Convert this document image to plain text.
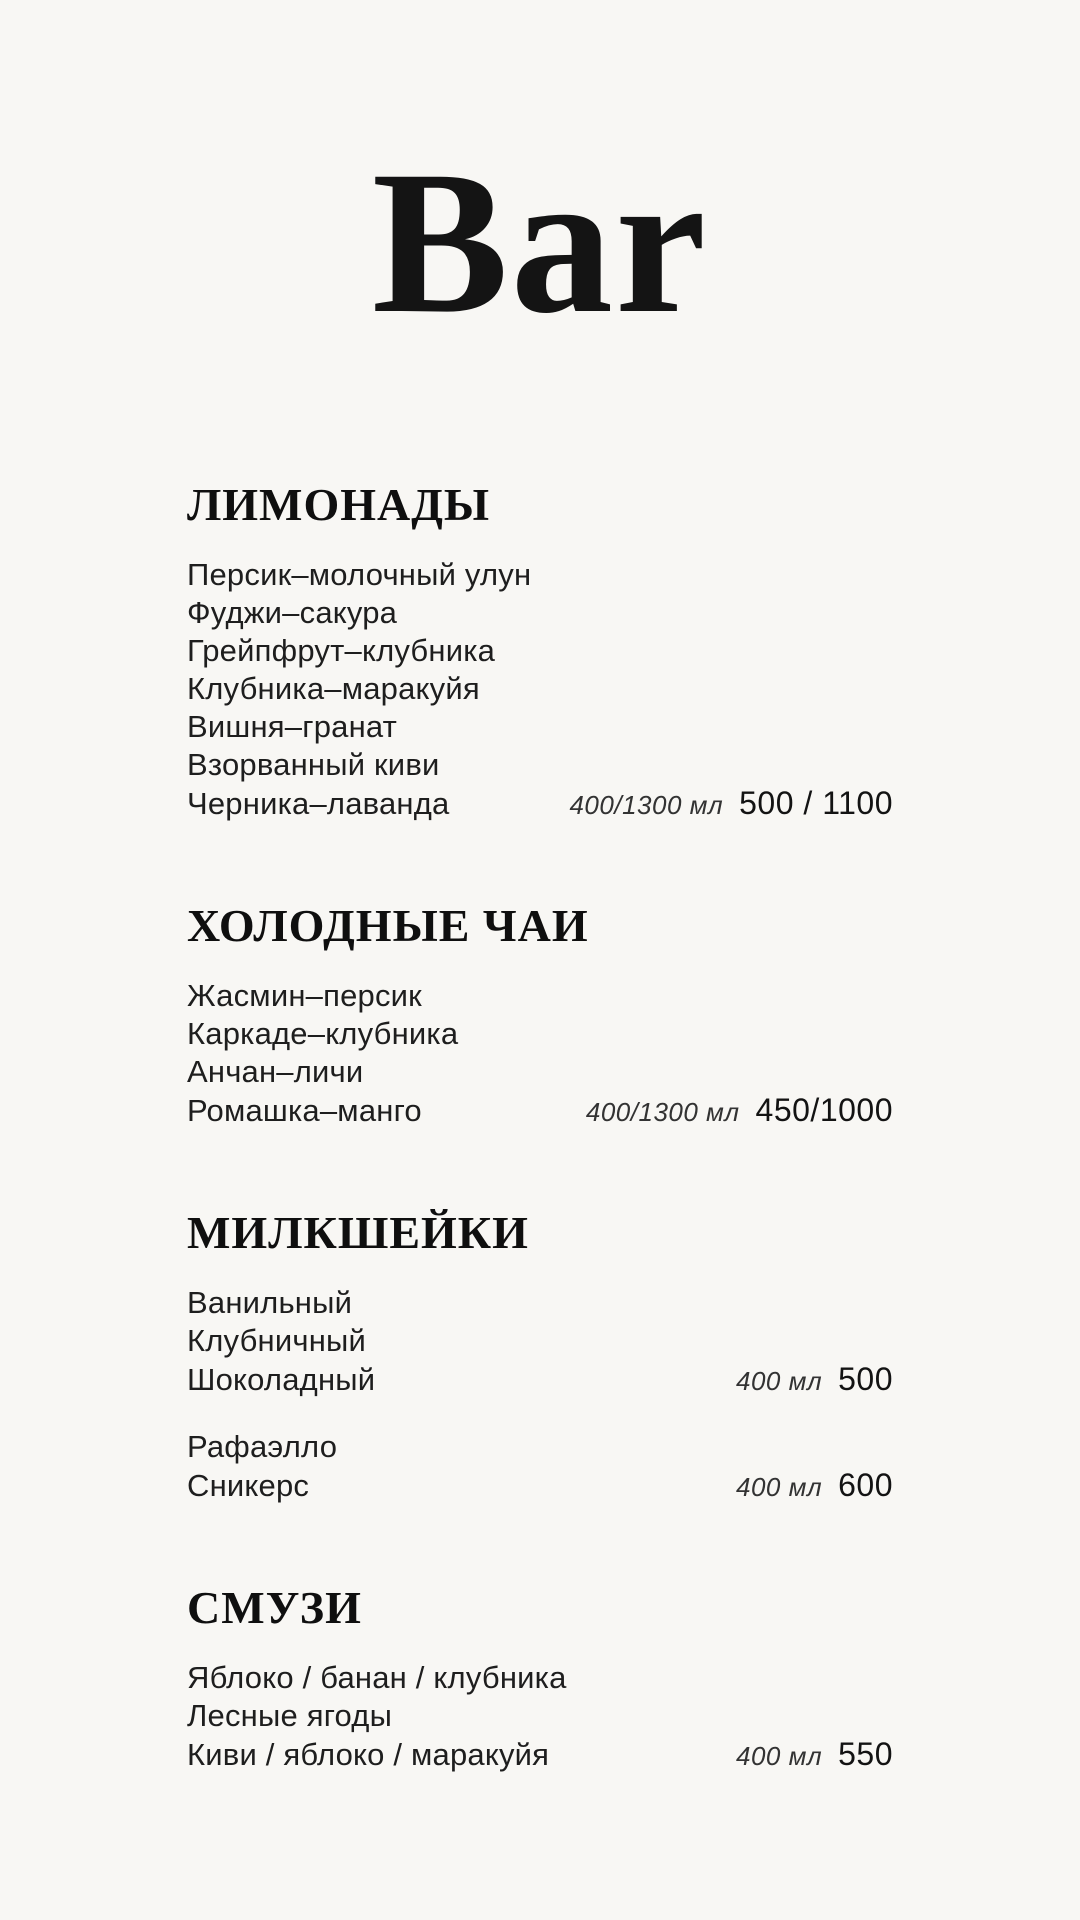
Bar
ЛИМОНАДЫ
Персик–молочный улун
Фуджи–сакура
Грейпфрут–клубника
Клубника–маракуйя
Вишня–гранат
Взорванный киви
Черника–лаванда	400/1300 мл 500 / 1100
ХОЛОДНЫЕ ЧАИ
Жасмин–персик
Каркаде–клубника
Анчан–личи
Ромашка–манго	400/1300 мл 450/1000
МИЛКШЕЙКИ
Ванильный
Клубничный
Шоколадный	400 мл 500
Рафаэлло
Сникерс	400 мл 600
СМУЗИ
Яблоко / банан / клубника
Лесные ягоды
Киви / яблоко / маракуйя	400 мл 550
